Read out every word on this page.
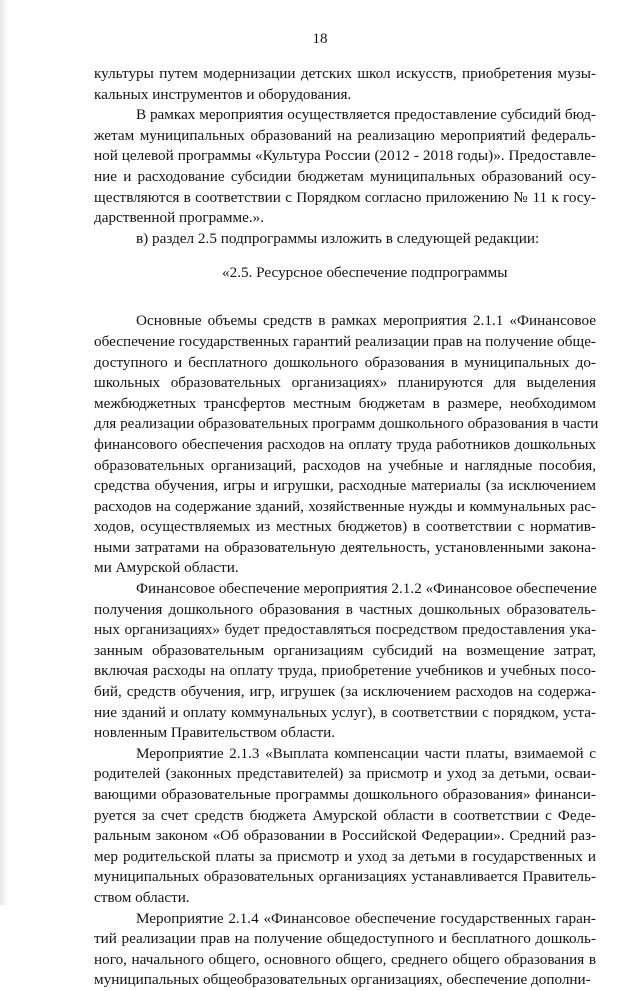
18
культуры путем модернизации детских школ искусств, приобретения музы-
кальных инструментов и оборудования.
В рамках мероприятия осуществляется предоставление субсидий бюд-
жетам муниципальных образований на реализацию мероприятий федераль-
ной целевой программы «Культура России (2012 - 2018 годы)». Предоставле-
ние и расходование субсидии бюджетам муниципальных образований осу-
ществляются в соответствии с Порядком согласно приложению № 11 к госу-
дарственной программе.».
в) раздел 2.5 подпрограммы изложить в следующей редакции:
«2.5. Ресурсное обеспечение подпрограммы
Основные объемы средств в рамках мероприятия 2.1.1 «Финансовое
обеспечение государственных гарантий реализации прав на получение обще-
доступного и бесплатного дошкольного образования в муниципальных до-
школьных образовательных организациях» планируются для выделения
межбюджетных трансфертов местным бюджетам в размере, необходимом
для реализации образовательных программ дошкольного образования в части
финансового обеспечения расходов на оплату труда работников дошкольных
образовательных организаций, расходов на учебные и наглядные пособия,
средства обучения, игры и игрушки, расходные материалы (за исключением
расходов на содержание зданий, хозяйственные нужды и коммунальных рас-
ходов, осуществляемых из местных бюджетов) в соответствии с норматив-
ными затратами на образовательную деятельность, установленными законa-
ми Амурской области.
Финансовое обеспечение мероприятия 2.1.2 «Финансовое обеспечение
получения дошкольного образования в частных дошкольных образователь-
ных организациях» будет предоставляться посредством предоставления ука-
занным образовательным организациям субсидий на возмещение затрат,
включая расходы на оплату труда, приобретение учебников и учебных посо-
бий, средств обучения, игр, игрушек (за исключением расходов на содержа-
ние зданий и оплату коммунальных услуг), в соответствии с порядком, уста-
новленным Правительством области.
Мероприятие 2.1.3 «Выплата компенсации части платы, взимаемой с
родителей (законных представителей) за присмотр и уход за детьми, осваи-
вающими образовательные программы дошкольного образования» финанси-
руется за счет средств бюджета Амурской области в соответствии с Феде-
ральным законом «Об образовании в Российской Федерации». Средний раз-
мер родительской платы за присмотр и уход за детьми в государственных и
муниципальных образовательных организациях устанавливается Правитель-
ством области.
Мероприятие 2.1.4 «Финансовое обеспечение государственных гаран-
тий реализации прав на получение общедоступного и бесплатного дошколь-
ного, начального общего, основного общего, среднего общего образования в
муниципальных общеобразовательных организациях, обеспечение дополни-
